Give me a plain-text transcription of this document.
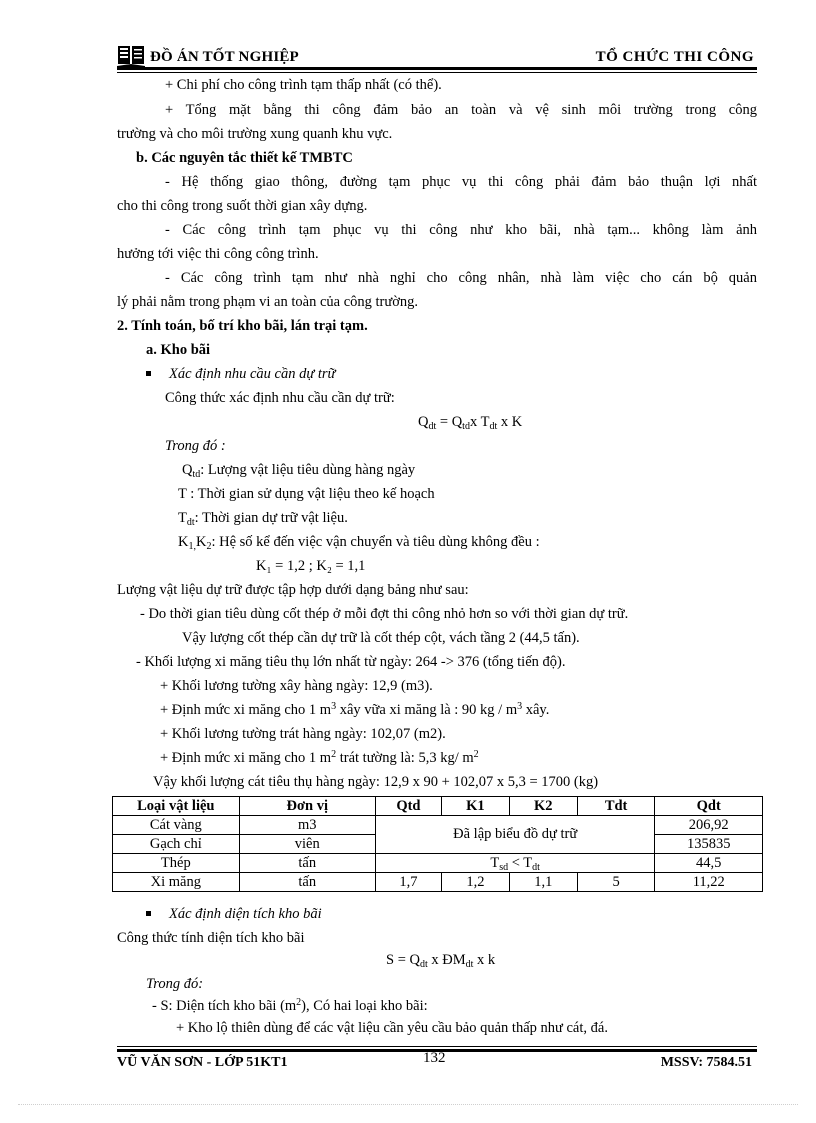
ĐỒ ÁN TỐT NGHIỆP	TỔ CHỨC THI CÔNG
+ Chi phí cho công trình tạm thấp nhất (có thể).
+ Tổng mặt bằng thi công đảm bảo an toàn và vệ sinh môi trường trong công
trường và cho môi trường xung quanh khu vực.
b. Các nguyên tắc thiết kế TMBTC
- Hệ thống giao thông, đường tạm phục vụ thi công phải đảm bảo thuận lợi nhất
cho thi công trong suốt thời gian xây dựng.
- Các công trình tạm phục vụ thi công như kho bãi, nhà tạm... không làm ảnh
hưởng tới việc thi công công trình.
- Các công trình tạm như nhà nghỉ cho công nhân, nhà làm việc cho cán bộ quản
lý phải nằm trong phạm vi an toàn của công trường.
2. Tính toán, bố trí kho bãi, lán trại tạm.
a. Kho bãi
Xác định nhu cầu cần dự trữ
Công thức xác định nhu cầu cần dự trữ:
$Q_{dt} = Q_{td}x$ $T_{dt}$ x K
Trong đó :
$Q_{td}$: Lượng vật liệu tiêu dùng hàng ngày
T : Thời gian sử dụng vật liệu theo kế hoạch
$T_{dt}$: Thời gian dự trữ vật liệu.
$K_{1,}K_2$: Hệ số kể đến việc vận chuyển và tiêu dùng không đều :
K₁ = 1,2 ; K₂ = 1,1
Lượng vật liệu dự trữ được tập hợp dưới dạng bảng như sau:
- Do thời gian tiêu dùng cốt thép ở mỗi đợt thi công nhỏ hơn so với thời gian dự trữ.
Vậy lượng cốt thép cần dự trữ là cốt thép cột, vách tầng 2 (44,5 tấn).
- Khối lượng xi măng tiêu thụ lớn nhất từ ngày: 264 -> 376 (tổng tiến độ).
+ Khối lương tường xây hàng ngày: 12,9 (m3).
+ Định mức xi măng cho 1 $m^3$ xây vữa xi măng là : 90 kg / $m^3$ xây.
+ Khối lương tường trát hàng ngày: 102,07 (m2).
+ Định mức xi măng cho 1 $m^2$ trát tường là: 5,3 kg/ $m^2$
Vậy khối lượng cát tiêu thụ hàng ngày: 12,9 x 90 + 102,07 x 5,3 = 1700 (kg)
Loại vật liệu	Đơn vị	Qtd	K1	K2	Tdt	Qdt
Cát vàng	m3	Đã lập biểu đồ dự trữ				206,92
Gạch chỉ	viên					135835
Thép	tấn	$T_{sd} < T_{dt}$				44,5
Xi măng	tấn	1,7	1,2	1,1	5	11,22
Xác định diện tích kho bãi
Công thức tính diện tích kho bãi
$S = Q_{dt}$ x $ĐM_{dt}$ x k
Trong đó:
- S: Diện tích kho bãi $(m^2)$, Có hai loại kho bãi:
+ Kho lộ thiên dùng để các vật liệu cần yêu cầu bảo quản thấp như cát, đá.
VŨ VĂN SƠN - LỚP 51KT1	132	MSSV: 7584.51
